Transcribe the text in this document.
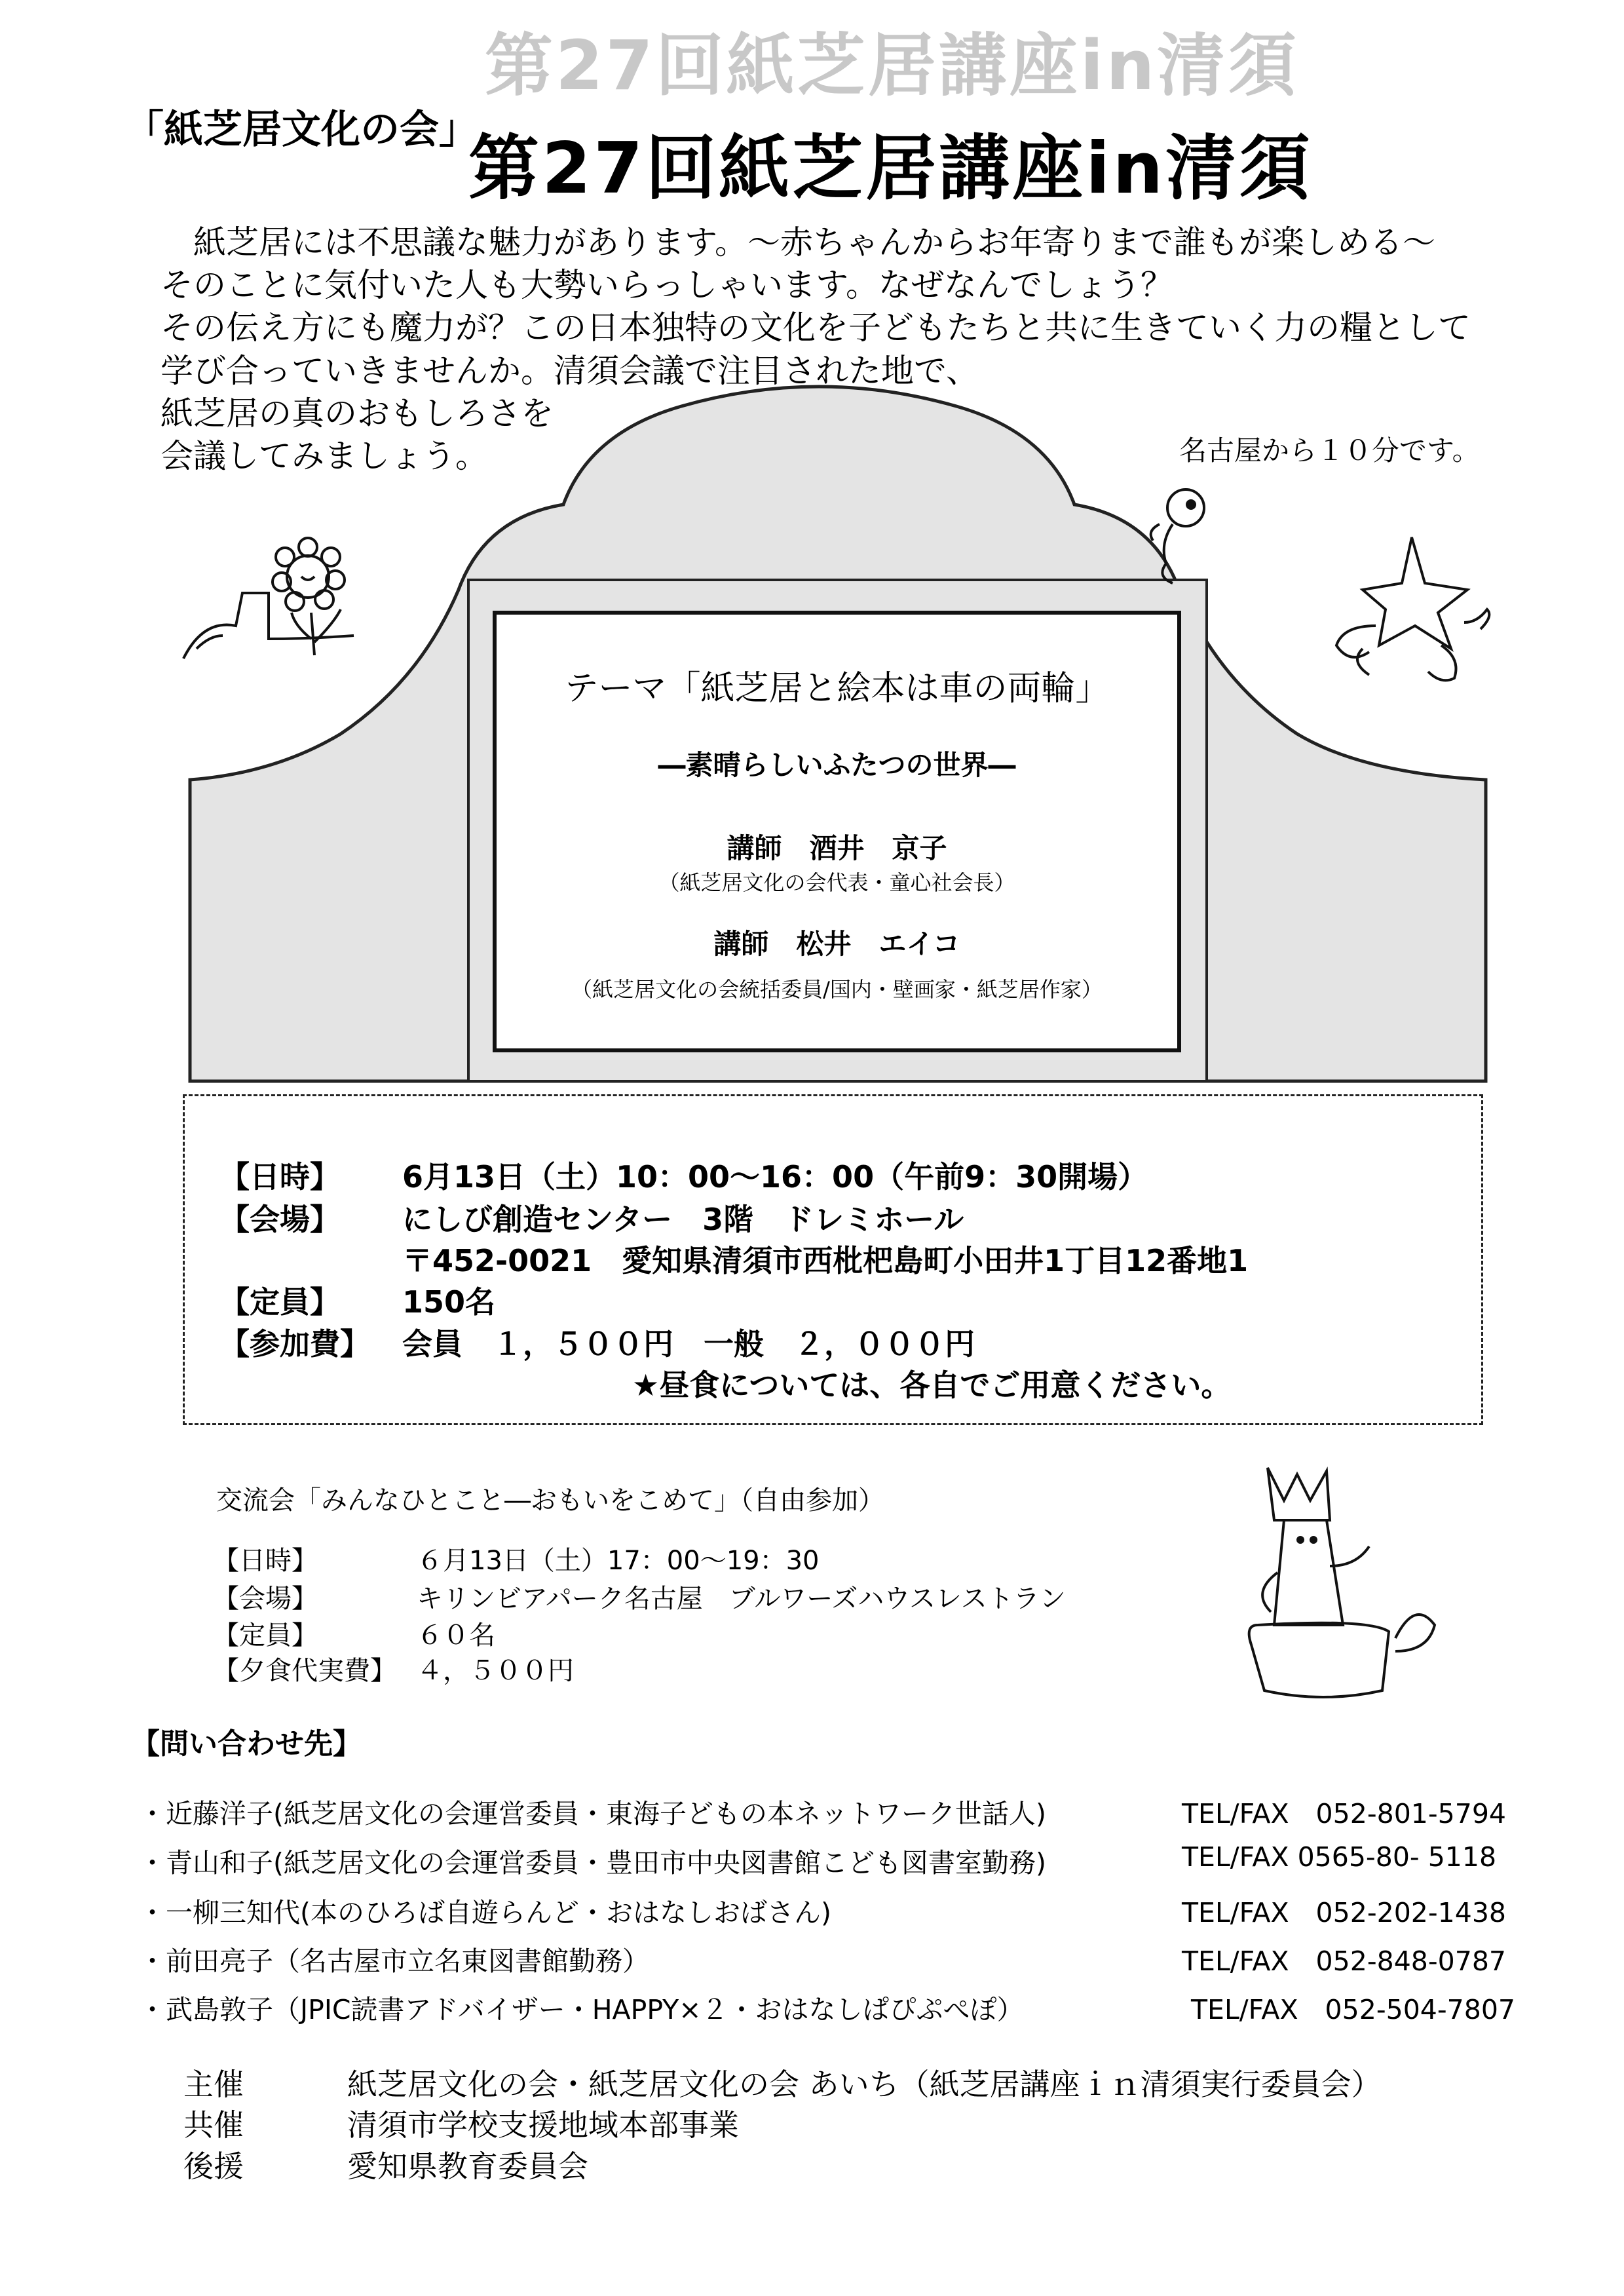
「紙芝居文化の会」
第27回紙芝居講座in清須
第27回紙芝居講座in清須
　紙芝居には不思議な魅力があります。～赤ちゃんからお年寄りまで誰もが楽しめる～
そのことに気付いた人も大勢いらっしゃいます。なぜなんでしょう？
その伝え方にも魔力が？この日本独特の文化を子どもたちと共に生きていく力の糧として
学び合っていきませんか。清須会議で注目された地で、
紙芝居の真のおもしろさを
会議してみましょう。	名古屋から１０分です。
テーマ「紙芝居と絵本は車の両輪」
―素晴らしいふたつの世界―
講師　酒井　京子
（紙芝居文化の会代表・童心社会長）
講師　松井　エイコ
（紙芝居文化の会統括委員/国内・壁画家・紙芝居作家）
【日時】 6月13日（土）10：00～16：00（午前9：30開場）
【会場】 にしび創造センター　3階　ドレミホール
〒452-0021　愛知県清須市西枇杷島町小田井1丁目12番地1
【定員】 150名
【参加費】 会員　１，５００円　一般　２，０００円
★昼食については、各自でご用意ください。
交流会「みんなひとこと―おもいをこめて」（自由参加）
【日時】	６月13日（土）17：00～19：30
【会場】	キリンビアパーク名古屋　ブルワーズハウスレストラン
【定員】	６０名
【夕食代実費】 ４，５００円
【問い合わせ先】
・近藤洋子(紙芝居文化の会運営委員・東海子どもの本ネットワーク世話人)	TEL/FAX　052-801-5794
・青山和子(紙芝居文化の会運営委員・豊田市中央図書館こども図書室勤務)	TEL/FAX 0565-80- 5118
・一柳三知代(本のひろば自遊らんど・おはなしおばさん)	TEL/FAX　052-202-1438
・前田亮子（名古屋市立名東図書館勤務）	TEL/FAX　052-848-0787
・武島敦子（JPIC読書アドバイザー・HAPPY×２・おはなしぱぴぷぺぽ）	TEL/FAX　052-504-7807
主催	紙芝居文化の会・紙芝居文化の会 あいち（紙芝居講座ｉｎ清須実行委員会）
共催	清須市学校支援地域本部事業
後援	愛知県教育委員会
